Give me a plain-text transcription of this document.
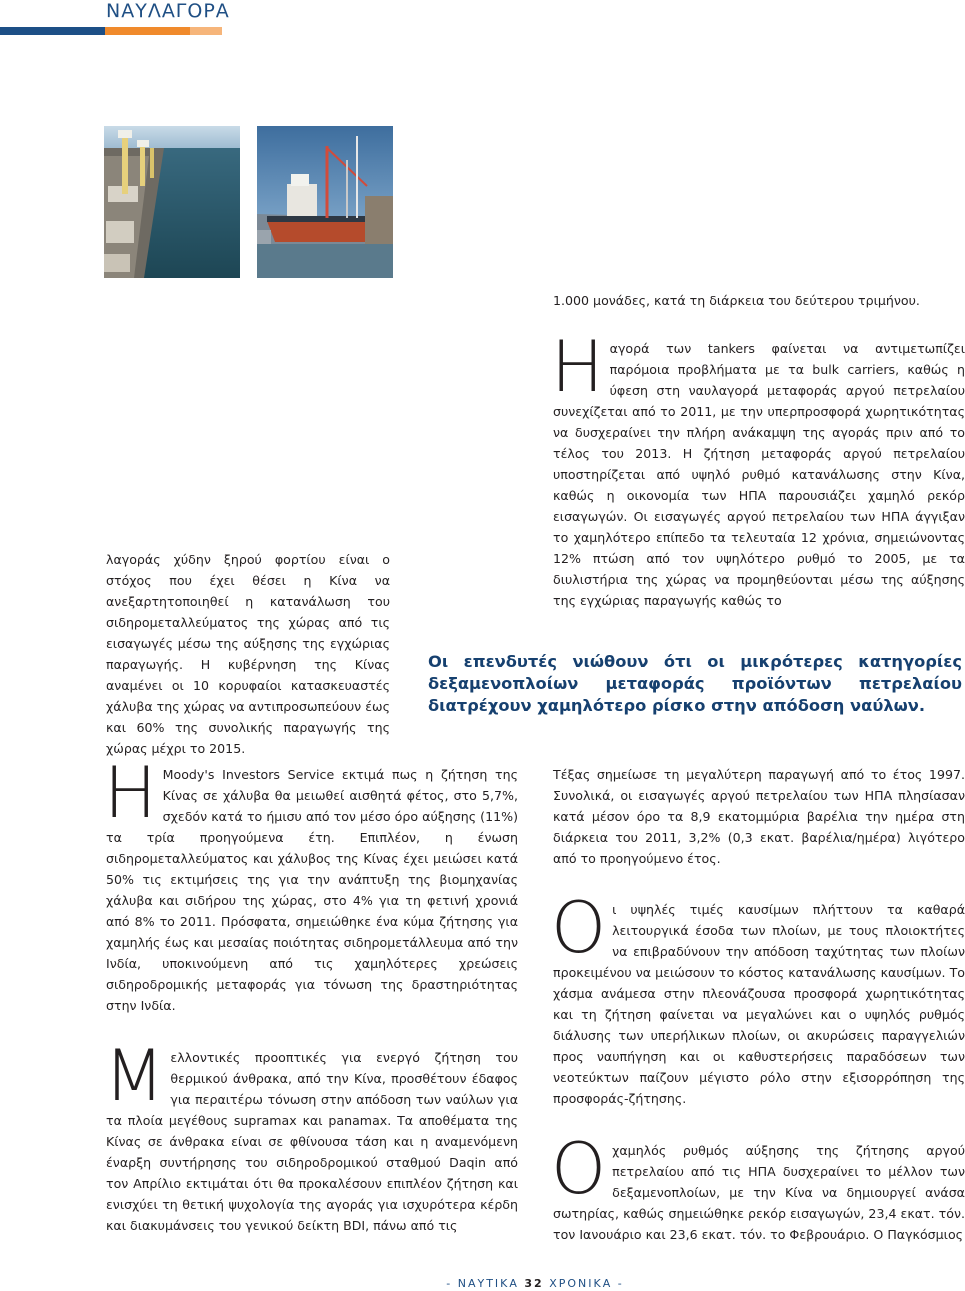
ΝΑΥΛΑΓΟΡΑ

λαγοράς χύδην ξηρού φορτίου είναι ο στόχος που έχει θέσει η Κίνα να ανεξαρτητοποιηθεί η κατανάλωση του σιδηρομεταλλεύματος της χώρας από τις εισαγωγές μέσω της αύξησης της εγχώριας παραγωγής. Η κυβέρνηση της Κίνας αναμένει οι 10 κορυφαίοι κατασκευαστές χάλυβα της χώρας να αντιπροσωπεύουν έως και 60% της συνολικής παραγωγής της χώρας μέχρι το 2015.

1.000 μονάδες, κατά τη διάρκεια του δεύτερου τριμήνου.

Ηαγορά των tankers φαίνεται να αντιμετωπίζει παρόμοια προβλήματα με τα bulk carriers, καθώς η ύφεση στη ναυλαγορά μεταφοράς αργού πετρελαίου συνεχίζεται από το 2011, με την υπερπροσφορά χωρητικότητας να δυσχεραίνει την πλήρη ανάκαμψη της αγοράς πριν από το τέλος του 2013. Η ζήτηση μεταφοράς αργού πετρελαίου υποστηρίζεται από υψηλό ρυθμό κατανάλωσης στην Κίνα, καθώς η οικονομία των ΗΠΑ παρουσιάζει χαμηλό ρεκόρ εισαγωγών. Οι εισαγωγές αργού πετρελαίου των ΗΠΑ άγγιξαν το χαμηλότερο επίπεδο τα τελευταία 12 χρόνια, σημειώνοντας 12% πτώση από τον υψηλότερο ρυθμό το 2005, με τα διυλιστήρια της χώρας να προμηθεύονται μέσω της αύξησης της εγχώριας παραγωγής καθώς το

Οι επενδυτές νιώθουν ότι οι μικρότερες κατηγορίες δεξαμενοπλοίων μεταφοράς προϊόντων πετρελαίου διατρέχουν χαμηλότερο ρίσκο στην απόδοση ναύλων.

Η Moody's Investors Service εκτιμά πως η ζήτηση της Κίνας σε χάλυβα θα μειωθεί αισθητά φέτος, στο 5,7%, σχεδόν κατά το ήμισυ από τον μέσο όρο αύξησης (11%) τα τρία προηγούμενα έτη. Επιπλέον, η ένωση σιδηρομεταλλεύματος και χάλυβος της Κίνας έχει μειώσει κατά 50% τις εκτιμήσεις της για την ανάπτυξη της βιομηχανίας χάλυβα και σιδήρου της χώρας, στο 4% για τη φετινή χρονιά από 8% το 2011. Πρόσφατα, σημειώθηκε ένα κύμα ζήτησης για χαμηλής έως και μεσαίας ποιότητας σιδηρομετάλλευμα από την Ινδία, υποκινούμενη από τις χαμηλότερες χρεώσεις σιδηροδρομικής μεταφοράς για τόνωση της δραστηριότητας στην Ινδία.

Μελλοντικές προοπτικές για ενεργό ζήτηση του θερμικού άνθρακα, από την Κίνα, προσθέτουν έδαφος για περαιτέρω τόνωση στην απόδοση των ναύλων για τα πλοία μεγέθους supramax και panamax. Τα αποθέματα της Κίνας σε άνθρακα είναι σε φθίνουσα τάση και η αναμενόμενη έναρξη συντήρησης του σιδηροδρομικού σταθμού Daqin από τον Απρίλιο εκτιμάται ότι θα προκαλέσουν επιπλέον ζήτηση και ενισχύει τη θετική ψυχολογία της αγοράς για ισχυρότερα κέρδη και διακυμάνσεις του γενικού δείκτη BDI, πάνω από τις

Τέξας σημείωσε τη μεγαλύτερη παραγωγή από το έτος 1997. Συνολικά, οι εισαγωγές αργού πετρελαίου των ΗΠΑ πλησίασαν κατά μέσον όρο τα 8,9 εκατομμύρια βαρέλια την ημέρα στη διάρκεια του 2011, 3,2% (0,3 εκατ. βαρέλια/ημέρα) λιγότερο από το προηγούμενο έτος.

Οι υψηλές τιμές καυσίμων πλήττουν τα καθαρά λειτουργικά έσοδα των πλοίων, με τους πλοιοκτήτες να επιβραδύνουν την απόδοση ταχύτητας των πλοίων προκειμένου να μειώσουν το κόστος κατανάλωσης καυσίμων. Το χάσμα ανάμεσα στην πλεονάζουσα προσφορά χωρητικότητας και τη ζήτηση φαίνεται να μεγαλώνει και ο υψηλός ρυθμός διάλυσης των υπερήλικων πλοίων, οι ακυρώσεις παραγγελιών προς ναυπήγηση και οι καθυστερήσεις παραδόσεων των νεοτεύκτων παίζουν μέγιστο ρόλο στην εξισορρόπηση της προσφοράς-ζήτησης.

Οχαμηλός ρυθμός αύξησης της ζήτησης αργού πετρελαίου από τις ΗΠΑ δυσχεραίνει το μέλλον των δεξαμενοπλοίων, με την Κίνα να δημιουργεί ανάσα σωτηρίας, καθώς σημειώθηκε ρεκόρ εισαγωγών, 23,4 εκατ. τόν. τον Ιανουάριο και 23,6 εκατ. τόν. το Φεβρουάριο. Ο Παγκόσμιος

- ΝΑΥΤΙΚΑ 32 ΧΡΟΝΙΚΑ -
